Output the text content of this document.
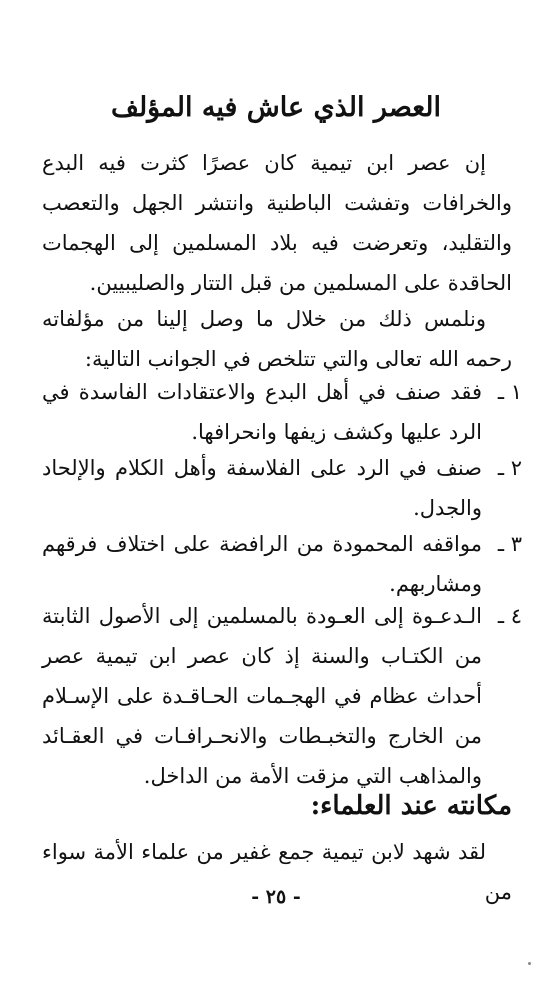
العصر الذي عاش فيه المؤلف

إن عصر ابن تيمية كان عصرًا كثرت فيه البدع والخرافات وتفشت الباطنية وانتشر الجهل والتعصب والتقليد، وتعرضت فيه بلاد المسلمين إلى الهجمات الحاقدة على المسلمين من قبل التتار والصليبيين.

ونلمس ذلك من خلال ما وصل إلينا من مؤلفاته رحمه الله تعالى والتي تتلخص في الجوانب التالية:

١ ـ
فقد صنف في أهل البدع والاعتقادات الفاسدة في الرد عليها وكشف زيفها وانحرافها.
٢ ـ
صنف في الرد على الفلاسفة وأهل الكلام والإلحاد والجدل.
٣ ـ
مواقفه المحمودة من الرافضة على اختلاف فرقهم ومشاربهم.
٤ ـ
الـدعـوة إلى العـودة بالمسلمين إلى الأصول الثابتة من الكتـاب والسنة إذ كان عصر ابن تيمية عصر أحداث عظام في الهجـمات الحـاقـدة على الإسـلام من الخارج والتخبـطات والانحـرافـات في العقـائد والمذاهب التي مزقت الأمة من الداخل.
مكانته عند العلماء:

لقد شهد لابن تيمية جمع غفير من علماء الأمة سواء من

- ٢٥ -
